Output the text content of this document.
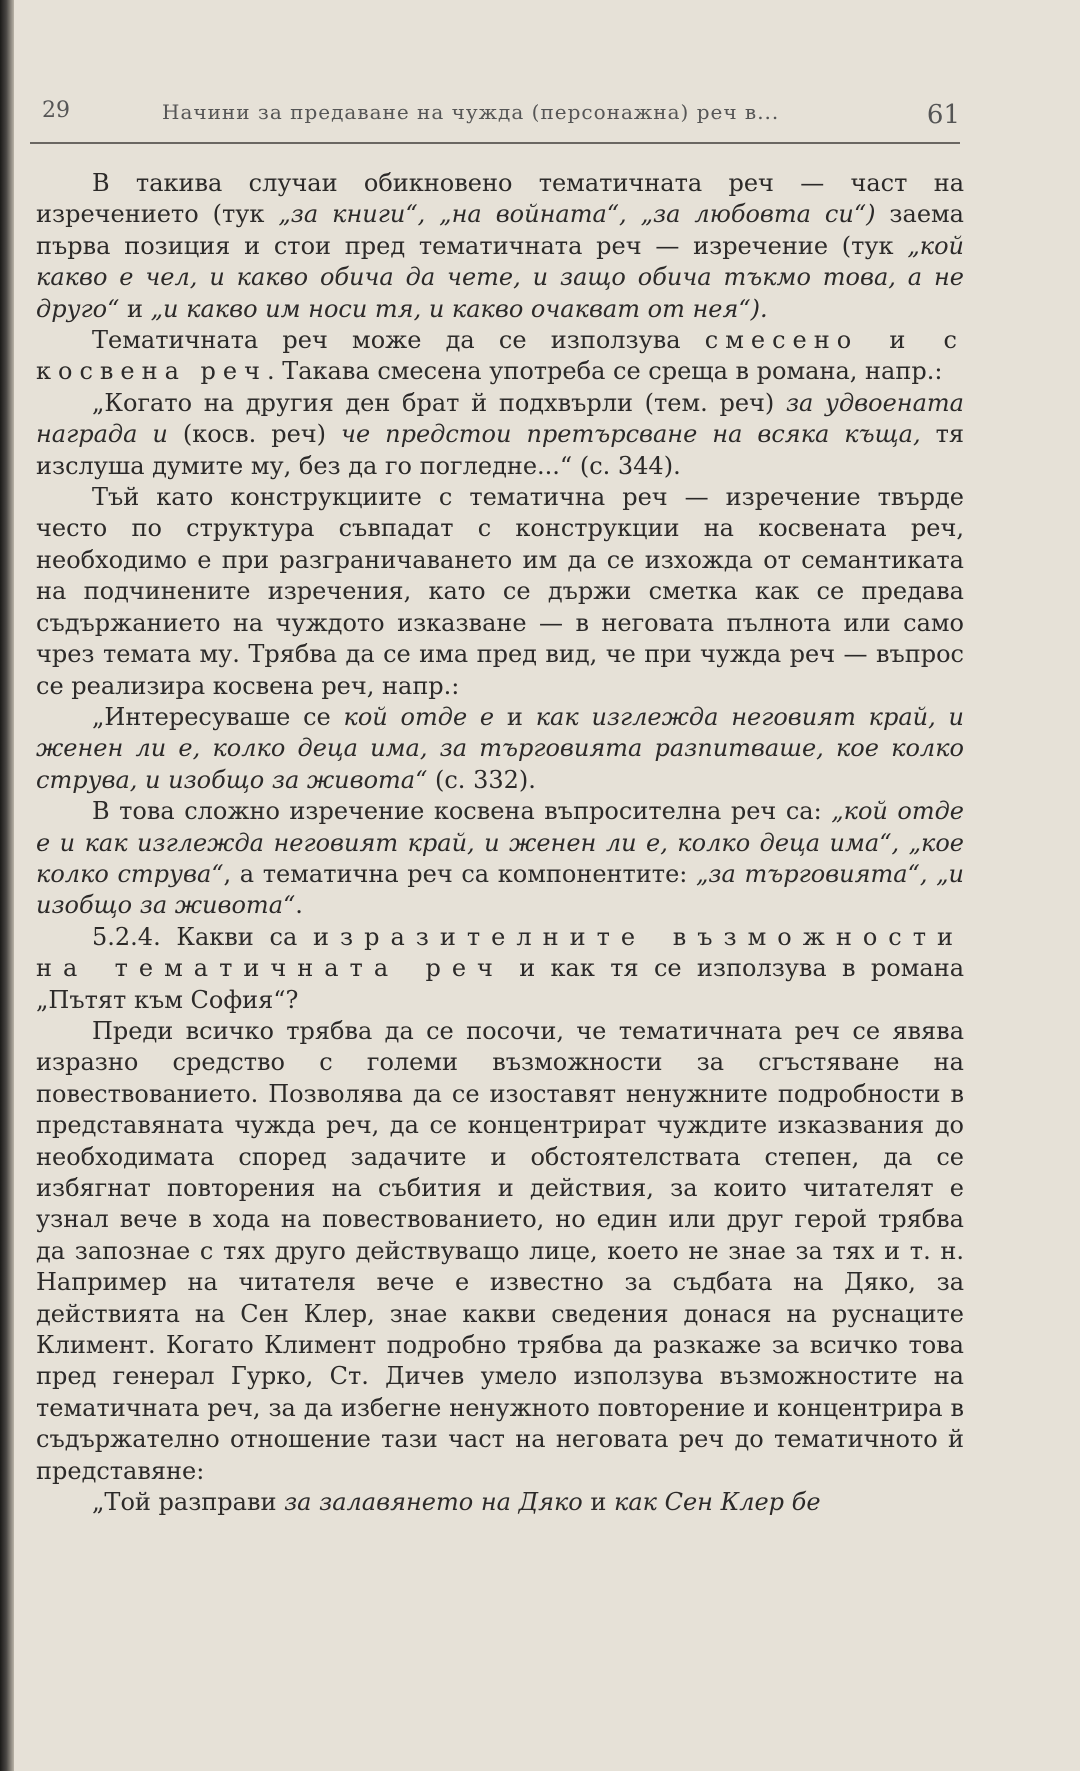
29	Начини за предаване на чужда (персонажна) реч в...	61

В такива случаи обикновено тематичната реч — част на изречението (тук „за книги“, „на войната“, „за любовта си“) заема първа позиция и стои пред тематичната реч — изречение (тук „кой какво е чел, и какво обича да чете, и защо обича тъкмо това, а не друго“ и „и какво им носи тя, и какво очакват от нея“).

Тематичната реч може да се използува смесено и с косвена реч. Такава смесена употреба се среща в романа, напр.:

„Когато на другия ден брат й подхвърли (тем. реч) за удвоената награда и (косв. реч) че предстои претърсване на всяка къща, тя изслуша думите му, без да го погледне...“ (с. 344).

Тъй като конструкциите с тематична реч — изречение твърде често по структура съвпадат с конструкции на косвената реч, необходимо е при разграничаването им да се изхожда от семантиката на подчинените изречения, като се държи сметка как се предава съдържанието на чуждото изказване — в неговата пълнота или само чрез темата му. Трябва да се има пред вид, че при чужда реч — въпрос се реализира косвена реч, напр.:

„Интересуваше се кой отде е и как изглежда неговият край, и женен ли е, колко деца има, за търговията разпитваше, кое колко струва, и изобщо за живота“ (с. 332).

В това сложно изречение косвена въпросителна реч са: „кой отде е и как изглежда неговият край, и женен ли е, колко деца има“, „кое колко струва“, а тематична реч са компонентите: „за търговията“, „и изобщо за живота“.

5.2.4. Какви са изразителните възможности на тематичната реч и как тя се използува в романа „Пътят към София“?

Преди всичко трябва да се посочи, че тематичната реч се явява изразно средство с големи възможности за сгъстяване на повествованието. Позволява да се изоставят ненужните подробности в представяната чужда реч, да се концентрират чуждите изказвания до необходимата според задачите и обстоятелствата степен, да се избягнат повторения на събития и действия, за които читателят е узнал вече в хода на повествованието, но един или друг герой трябва да запознае с тях друго действуващо лице, което не знае за тях и т. н. Например на читателя вече е известно за съдбата на Дяко, за действията на Сен Клер, знае какви сведения донася на руснаците Климент. Когато Климент подробно трябва да разкаже за всичко това пред генерал Гурко, Ст. Дичев умело използува възможностите на тематичната реч, за да избегне ненужното повторение и концентрира в съдържателно отношение тази част на неговата реч до тематичното й представяне:

„Той разправи за залавянето на Дяко и как Сен Клер бе
